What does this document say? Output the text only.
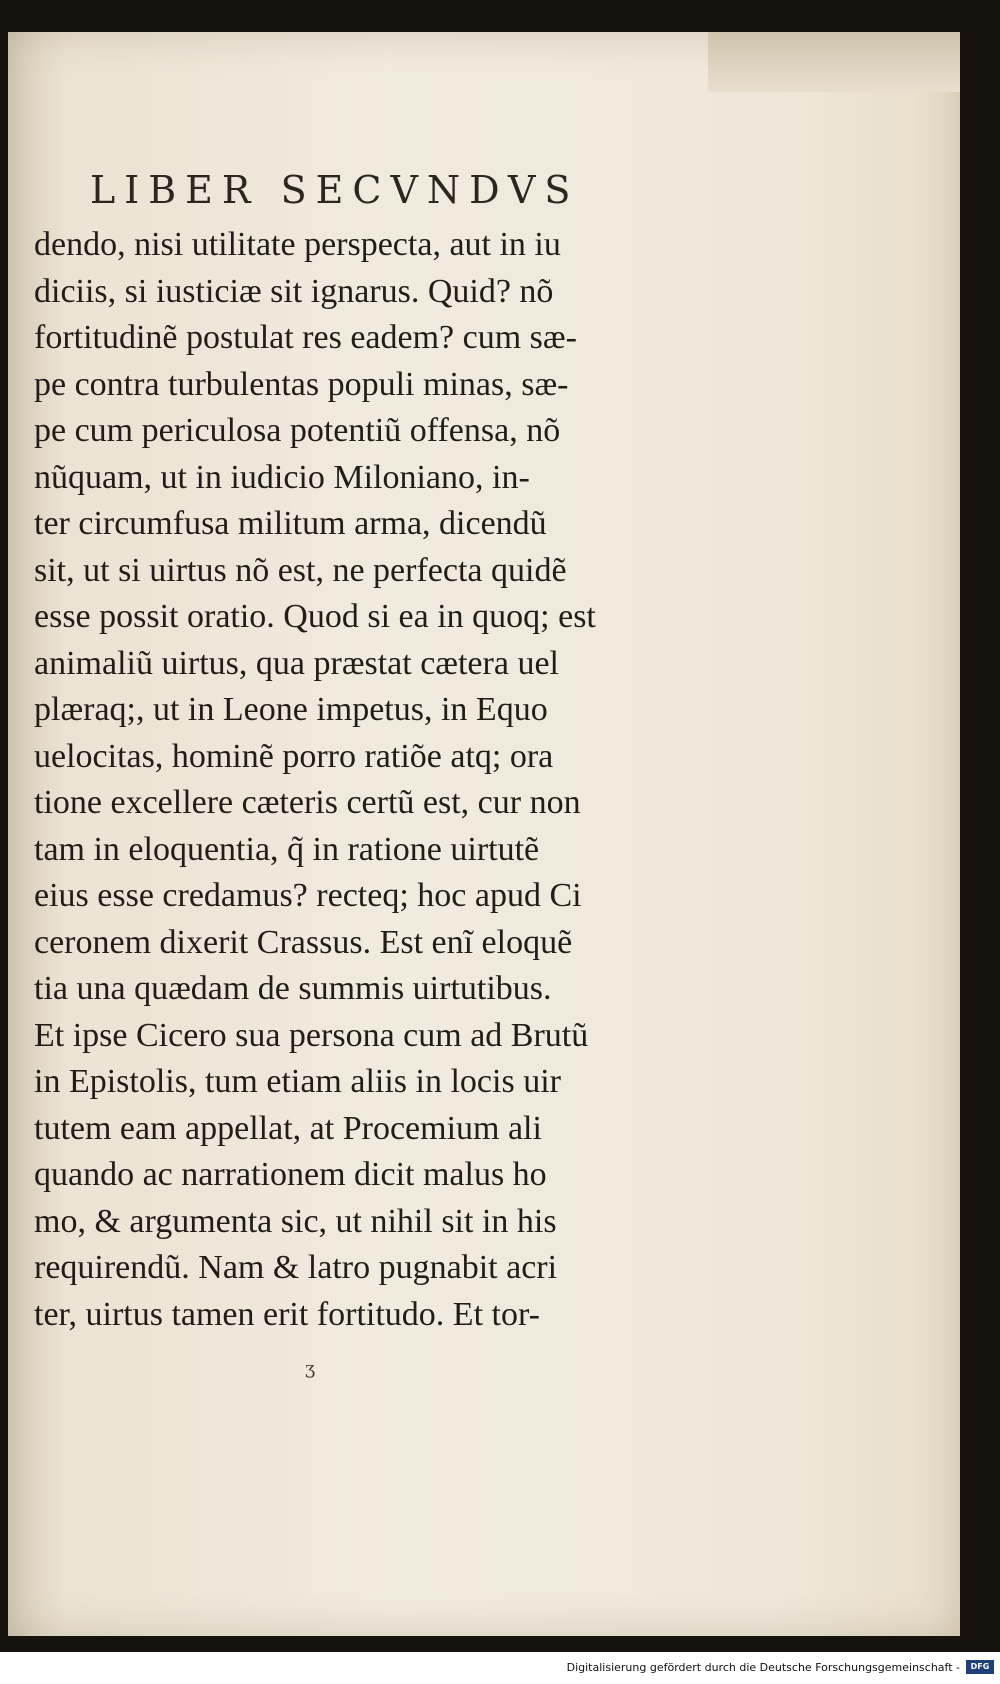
LIBER SECVNDVS
dendo, nisi utilitate perspecta, aut in iu
diciis, si iusticiæ sit ignarus. Quid? nõ
fortitudinẽ postulat res eadem? cum sæ-
pe contra turbulentas populi minas, sæ-
pe cum periculosa potentiũ offensa, nõ
nũquam, ut in iudicio Miloniano, in-
ter circumfusa militum arma, dicendũ
sit, ut si uirtus nõ est, ne perfecta quidẽ
esse possit oratio. Quod si ea in quoq; est
animaliũ uirtus, qua præstat cætera uel
plæraq;, ut in Leone impetus, in Equo
uelocitas, hominẽ porro ratiõe atq; ora
tione excellere cæteris certũ est, cur non
tam in eloquentia, q̃ in ratione uirtutẽ
eius esse credamus? recteq; hoc apud Ci
ceronem dixerit Crassus. Est enĩ eloquẽ
tia una quædam de summis uirtutibus.
Et ipse Cicero sua persona cum ad Brutũ
in Epistolis, tum etiam aliis in locis uir
tutem eam appellat, at Procemium ali
quando ac narrationem dicit malus ho
mo, & argumenta sic, ut nihil sit in his
requirendũ. Nam & latro pugnabit acri
ter, uirtus tamen erit fortitudo. Et tor-
ʒ
Digitalisierung gefördert durch die Deutsche Forschungsgemeinschaft -	DFG
